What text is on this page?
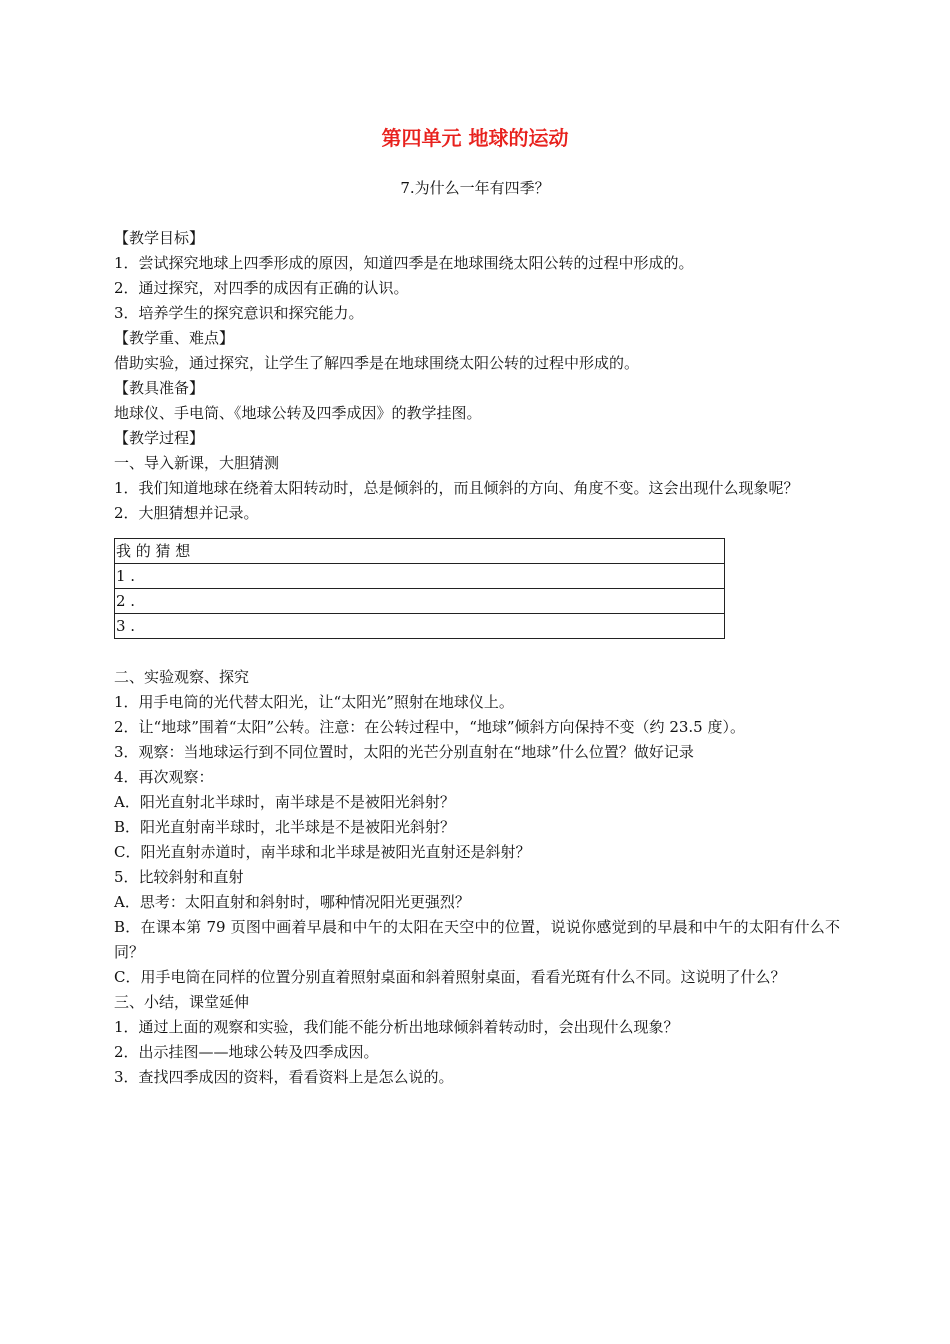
第四单元 地球的运动
7.为什么一年有四季？

【教学目标】

1．尝试探究地球上四季形成的原因，知道四季是在地球围绕太阳公转的过程中形成的。

2．通过探究，对四季的成因有正确的认识。

3．培养学生的探究意识和探究能力。

【教学重、难点】

借助实验，通过探究，让学生了解四季是在地球围绕太阳公转的过程中形成的。

【教具准备】

地球仪、手电筒、《地球公转及四季成因》的教学挂图。

【教学过程】

一、导入新课，大胆猜测

1．我们知道地球在绕着太阳转动时，总是倾斜的，而且倾斜的方向、角度不变。这会出现什么现象呢？

2．大胆猜想并记录。

我 的 猜 想
1 .
2 .
3 .

二、实验观察、探究

1．用手电筒的光代替太阳光，让“太阳光”照射在地球仪上。

2．让“地球”围着“太阳”公转。注意：在公转过程中，“地球”倾斜方向保持不变（约 23.5 度）。

3．观察：当地球运行到不同位置时，太阳的光芒分别直射在“地球”什么位置？做好记录

4．再次观察：

A．阳光直射北半球时，南半球是不是被阳光斜射？

B．阳光直射南半球时，北半球是不是被阳光斜射？

C．阳光直射赤道时，南半球和北半球是被阳光直射还是斜射？

5．比较斜射和直射

A．思考：太阳直射和斜射时，哪种情况阳光更强烈？

B．在课本第 79 页图中画着早晨和中午的太阳在天空中的位置，说说你感觉到的早晨和中午的太阳有什么不同？

C．用手电筒在同样的位置分别直着照射桌面和斜着照射桌面，看看光斑有什么不同。这说明了什么？

三、小结，课堂延伸

1．通过上面的观察和实验，我们能不能分析出地球倾斜着转动时，会出现什么现象？

2．出示挂图——地球公转及四季成因。

3．查找四季成因的资料，看看资料上是怎么说的。
